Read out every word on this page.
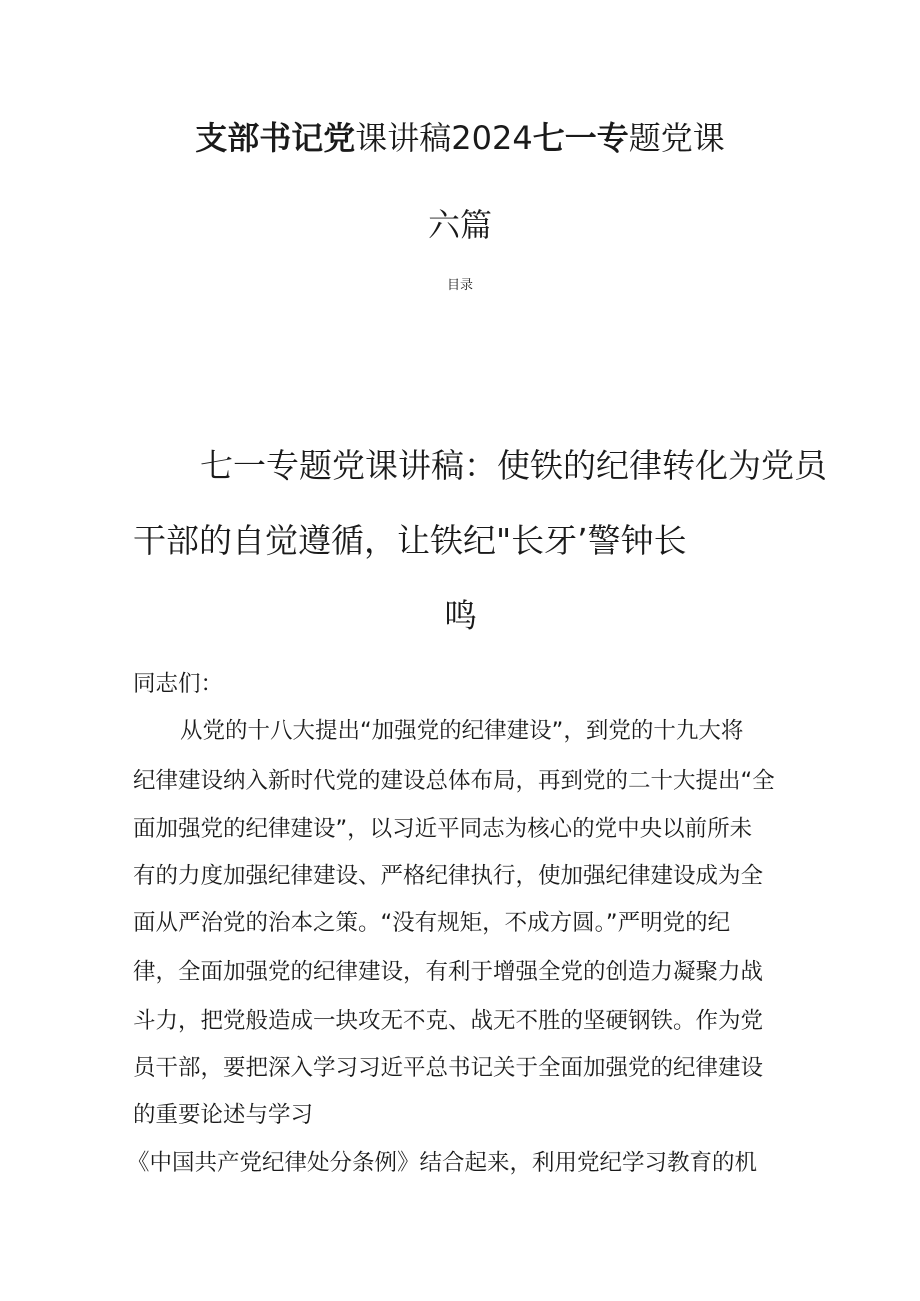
支部书记党课讲稿2024七一专题党课
六篇
目录
七一专题党课讲稿：使铁的纪律转化为党员
干部的自觉遵循，让铁纪"长牙’警钟长
鸣
同志们：
从党的十八大提出“加强党的纪律建设”，到党的十九大将
纪律建设纳入新时代党的建设总体布局，再到党的二十大提出“全
面加强党的纪律建设”，以习近平同志为核心的党中央以前所未
有的力度加强纪律建设、严格纪律执行，使加强纪律建设成为全
面从严治党的治本之策。“没有规矩，不成方圆。”严明党的纪
律，全面加强党的纪律建设，有利于增强全党的创造力凝聚力战
斗力，把党般造成一块攻无不克、战无不胜的坚硬钢铁。作为党
员干部，要把深入学习习近平总书记关于全面加强党的纪律建设
的重要论述与学习
《中国共产党纪律处分条例》结合起来，利用党纪学习教育的机
